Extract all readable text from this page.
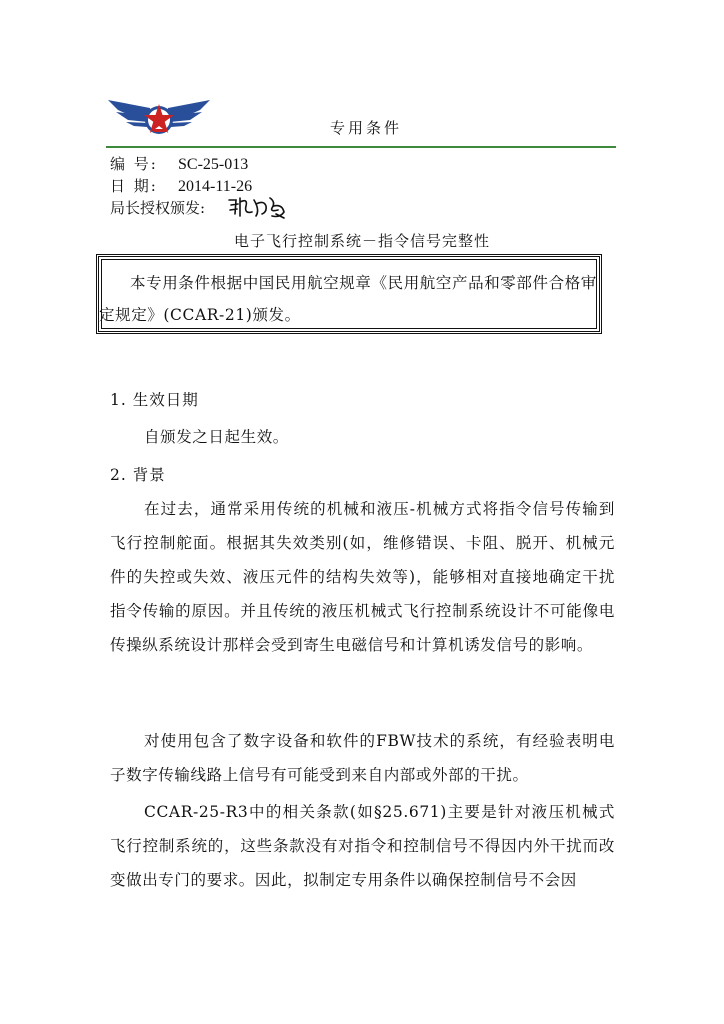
专用条件
编 号: SC-25-013
日 期: 2014-11-26
局长授权颁发:
电子飞行控制系统－指令信号完整性

本专用条件根据中国民用航空规章《民用航空产品和零部件合格审定规定》(CCAR-21)颁发。

1. 生效日期
自颁发之日起生效。
2. 背景
在过去，通常采用传统的机械和液压-机械方式将指令信号传输到飞行控制舵面。根据其失效类别(如，维修错误、卡阻、脱开、机械元件的失控或失效、液压元件的结构失效等)，能够相对直接地确定干扰指令传输的原因。并且传统的液压机械式飞行控制系统设计不可能像电传操纵系统设计那样会受到寄生电磁信号和计算机诱发信号的影响。
对使用包含了数字设备和软件的FBW技术的系统，有经验表明电子数字传输线路上信号有可能受到来自内部或外部的干扰。
CCAR-25-R3中的相关条款(如§25.671)主要是针对液压机械式飞行控制系统的，这些条款没有对指令和控制信号不得因内外干扰而改变做出专门的要求。因此，拟制定专用条件以确保控制信号不会因
